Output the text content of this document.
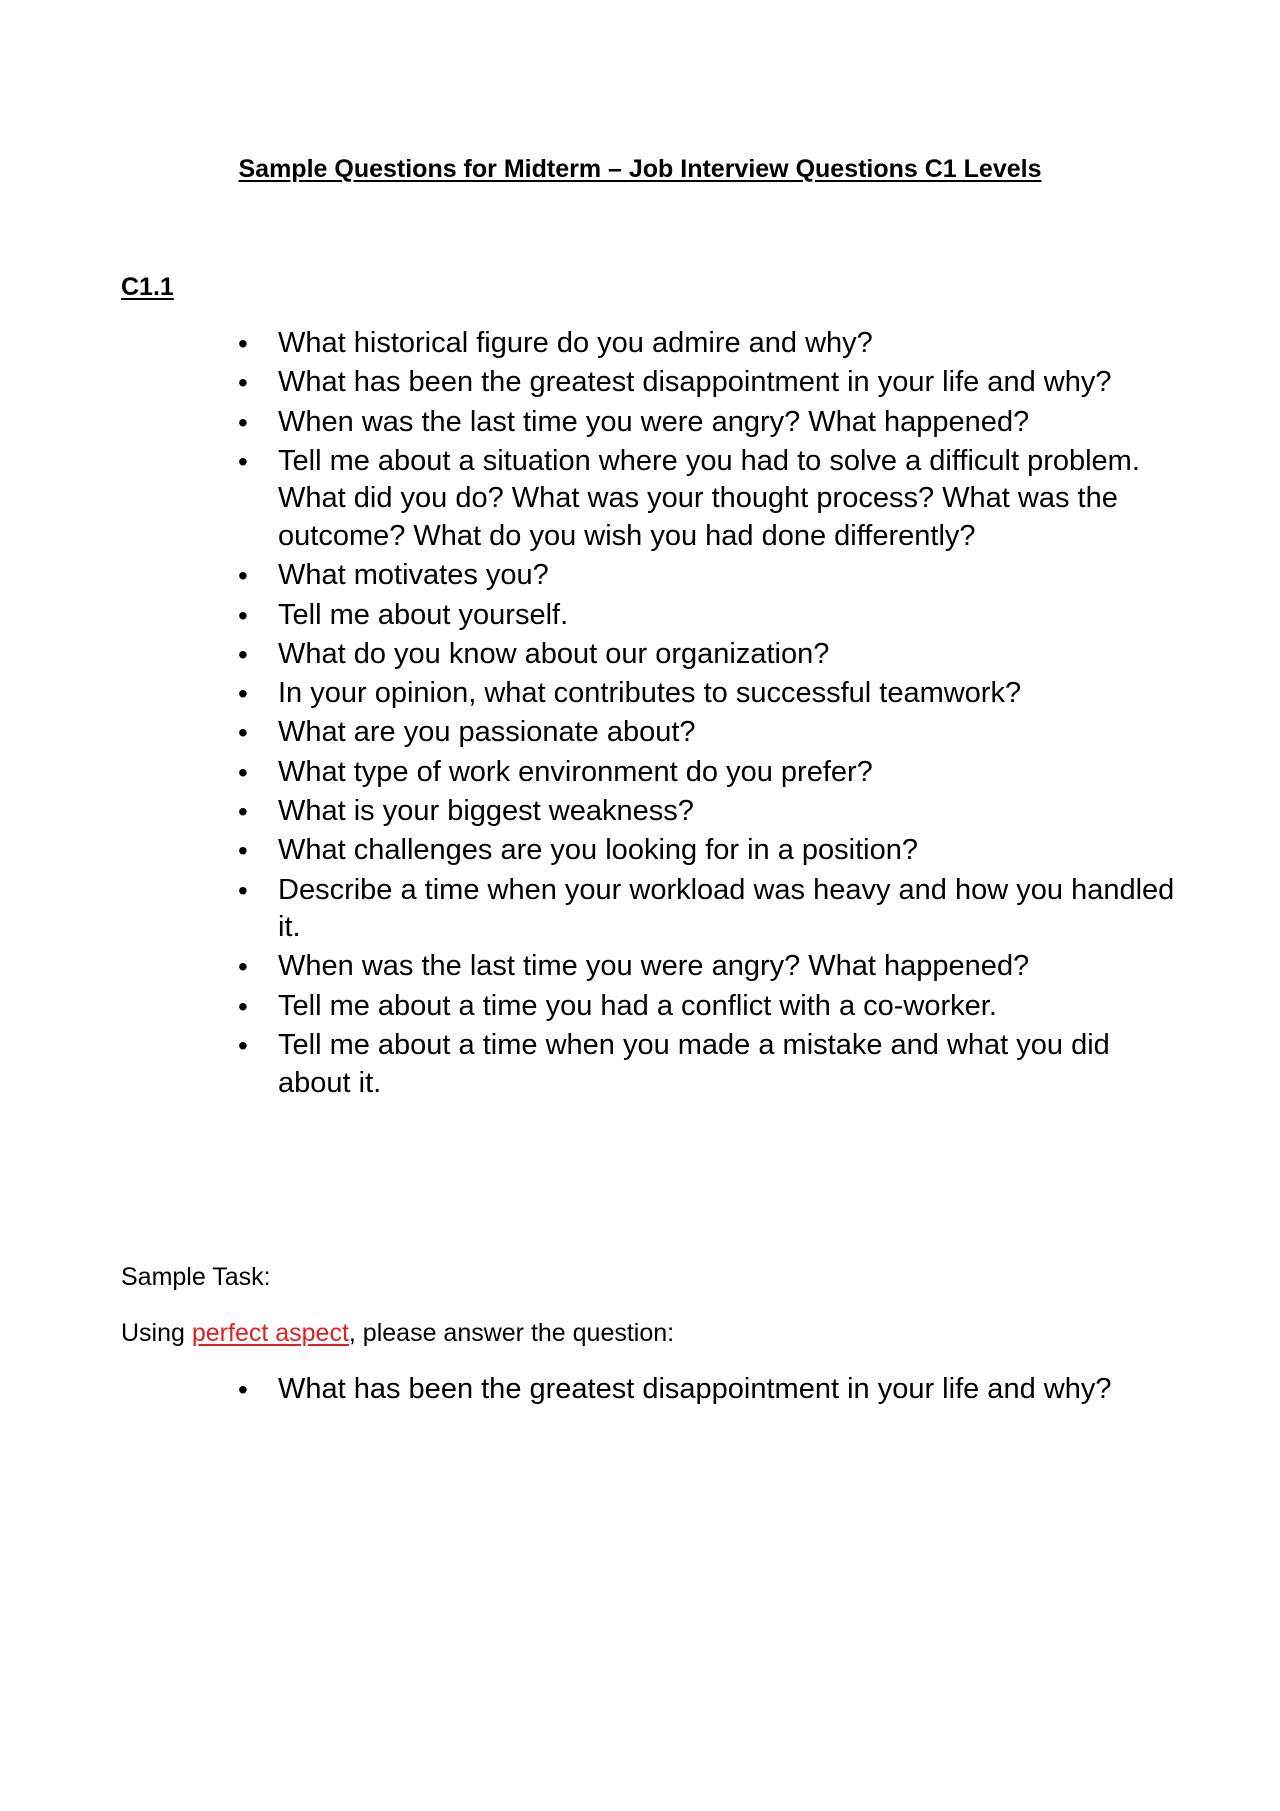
Sample Questions for Midterm – Job Interview Questions C1 Levels
C1.1
•	What historical figure do you admire and why?
•	What has been the greatest disappointment in your life and why?
•	When was the last time you were angry? What happened?
•	Tell me about a situation where you had to solve a difficult problem. What did you do? What was your thought process? What was the outcome? What do you wish you had done differently?
•	What motivates you?
•	Tell me about yourself.
•	What do you know about our organization?
•	In your opinion, what contributes to successful teamwork?
•	What are you passionate about?
•	What type of work environment do you prefer?
•	What is your biggest weakness?
•	What challenges are you looking for in a position?
•	Describe a time when your workload was heavy and how you handled it.
•	When was the last time you were angry? What happened?
•	Tell me about a time you had a conflict with a co-worker.
•	Tell me about a time when you made a mistake and what you did about it.

Sample Task:

Using perfect aspect, please answer the question:

•	What has been the greatest disappointment in your life and why?
